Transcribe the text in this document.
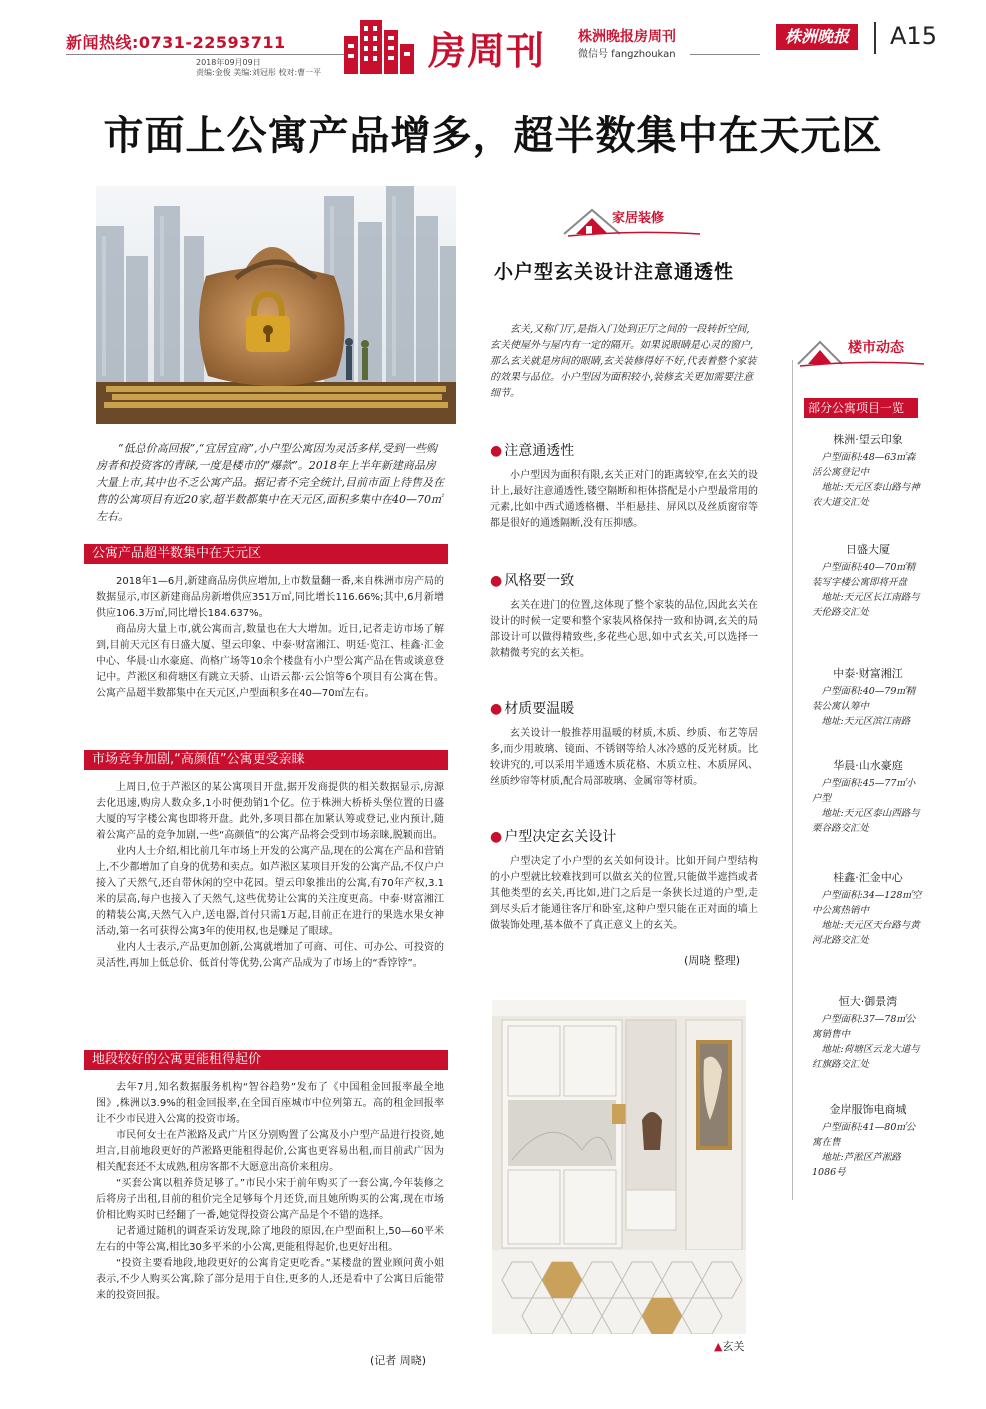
新闻热线:0731-22593711
2018年09月09日
责编:金俊 美编:刘冠彤 校对:曹一平	房周刊 株洲晚报房周刊
微信号 fangzhoukan
株洲晚报	A15
市面上公寓产品增多，超半数集中在天元区
“低总价高回报”,“宜居宜商”,小户型公寓因为灵活多样,受到一些购房者和投资客的青睐,一度是楼市的“爆款”。2018年上半年新建商品房大量上市,其中也不乏公寓产品。据记者不完全统计,目前市面上待售及在售的公寓项目有近20家,超半数都集中在天元区,面积多集中在40—70㎡左右。
公寓产品超半数集中在天元区

2018年1—6月,新建商品房供应增加,上市数量翻一番,来自株洲市房产局的数据显示,市区新建商品房新增供应351万㎡,同比增长116.66%;其中,6月新增供应106.3万㎡,同比增长184.637%。

商品房大量上市,就公寓而言,数量也在大大增加。近日,记者走访市场了解到,目前天元区有日盛大厦、望云印象、中泰·财富湘江、明廷·览江、桂鑫·汇金中心、华晨·山水豪庭、尚格广场等10余个楼盘有小户型公寓产品在售或谈意登记中。芦淞区和荷塘区有跳立天骄、山语云都·云公馆等6个项目有公寓在售。公寓产品超半数都集中在天元区,户型面积多在40—70㎡左右。

市场竞争加剧,“高颜值”公寓更受亲睐

上周日,位于芦淞区的某公寓项目开盘,据开发商提供的相关数据显示,房源去化迅速,购房人数众多,1小时便劲销1个亿。位于株洲大桥桥头堡位置的日盛大厦的写字楼公寓也即将开盘。此外,多项目都在加紧认筹或登记,业内预计,随着公寓产品的竞争加剧,一些“高颜值”的公寓产品将会受到市场亲睐,脱颖而出。

业内人士介绍,相比前几年市场上开发的公寓产品,现在的公寓在产品和营销上,不少都增加了自身的优势和卖点。如芦淞区某项目开发的公寓产品,不仅户户接入了天然气,还自带休闲的空中花园。望云印象推出的公寓,有70年产权,3.1米的层高,每户也接入了天然气,这些优势让公寓的关注度更高。中泰·财富湘江的精装公寓,天然气入户,送电器,首付只需1万起,目前正在进行的果选水果女神活动,第一名可获得公寓3年的使用权,也是赚足了眼球。

业内人士表示,产品更加创新,公寓就增加了可商、可住、可办公、可投资的灵活性,再加上低总价、低首付等优势,公寓产品成为了市场上的“香饽饽”。

地段较好的公寓更能租得起价

去年7月,知名数据服务机构“智谷趋势”发布了《中国租金回报率最全地图》,株洲以3.9%的租金回报率,在全国百座城市中位列第五。高的租金回报率让不少市民进入公寓的投资市场。

市民何女士在芦淞路及武广片区分别购置了公寓及小户型产品进行投资,她坦言,目前地段更好的芦淞路更能租得起价,公寓也更容易出租,而目前武广因为相关配套还不太成熟,租房客都不大愿意出高价来租房。

“买套公寓以租养贷足够了。”市民小宋于前年购买了一套公寓,今年装修之后将房子出租,目前的租价完全足够每个月还贷,而且她所购买的公寓,现在市场价相比购买时已经翻了一番,她觉得投资公寓产品是个不错的选择。

记者通过随机的调查采访发现,除了地段的原因,在户型面积上,50—60平米左右的中等公寓,相比30多平米的小公寓,更能租得起价,也更好出租。

“投资主要看地段,地段更好的公寓肯定更吃香。”某楼盘的置业顾问黄小姐表示,不少人购买公寓,除了部分是用于自住,更多的人,还是看中了公寓日后能带来的投资回报。

(记者 周晓)
家居装修
小户型玄关设计注意通透性
玄关,又称门厅,是指入门处到正厅之间的一段转折空间,玄关使屋外与屋内有一定的隔开。如果说眼睛是心灵的窗户,那么玄关就是房间的眼睛,玄关装修得好不好,代表着整个家装的效果与品位。小户型因为面积较小,装修玄关更加需要注意细节。
● 注意通透性
小户型因为面积有限,玄关正对门的距离较窄,在玄关的设计上,最好注意通透性,镂空隔断和柜体搭配是小户型最常用的元素,比如中西式通透格栅、半柜悬挂、屏风以及丝质窗帘等都是很好的通透隔断,没有压抑感。
● 风格要一致
玄关在进门的位置,这体现了整个家装的品位,因此玄关在设计的时候一定要和整个家装风格保持一致和协调,玄关的局部设计可以做得精致些,多花些心思,如中式玄关,可以选择一款精微考究的玄关柜。
● 材质要温暖
玄关设计一般推荐用温暖的材质,木质、纱质、布艺等居多,而少用玻璃、镜面、不锈钢等给人冰冷感的反光材质。比较讲究的,可以采用半通透木质花格、木质立柱、木质屏风、丝质纱帘等材质,配合局部玻璃、金属帘等材质。
● 户型决定玄关设计
户型决定了小户型的玄关如何设计。比如开间户型结构的小户型就比较难找到可以做玄关的位置,只能做半遮挡或者其他类型的玄关,再比如,进门之后是一条狭长过道的户型,走到尽头后才能通往客厅和卧室,这种户型只能在正对面的墙上做装饰处理,基本做不了真正意义上的玄关。
(周晓 整理)
▲玄关
楼市动态
部分公寓项目一览
株洲·望云印象
户型面积:48—63㎡森活公寓登记中
地址:天元区泰山路与神农大道交汇处
日盛大厦
户型面积:40—70㎡精装写字楼公寓即将开盘
地址:天元区长江南路与天伦路交汇处
中泰·财富湘江
户型面积:40—79㎡精装公寓认筹中
地址:天元区滨江南路
华晨·山水豪庭
户型面积:45—77㎡小户型
地址:天元区泰山西路与栗谷路交汇处
桂鑫·汇金中心
户型面积:34—128㎡空中公寓热销中
地址:天元区天台路与黄河北路交汇处
恒大·御景湾
户型面积:37—78㎡公寓销售中
地址:荷塘区云龙大道与红旗路交汇处
金岸服饰电商城
户型面积:41—80㎡公寓在售
地址:芦淞区芦淞路1086号
